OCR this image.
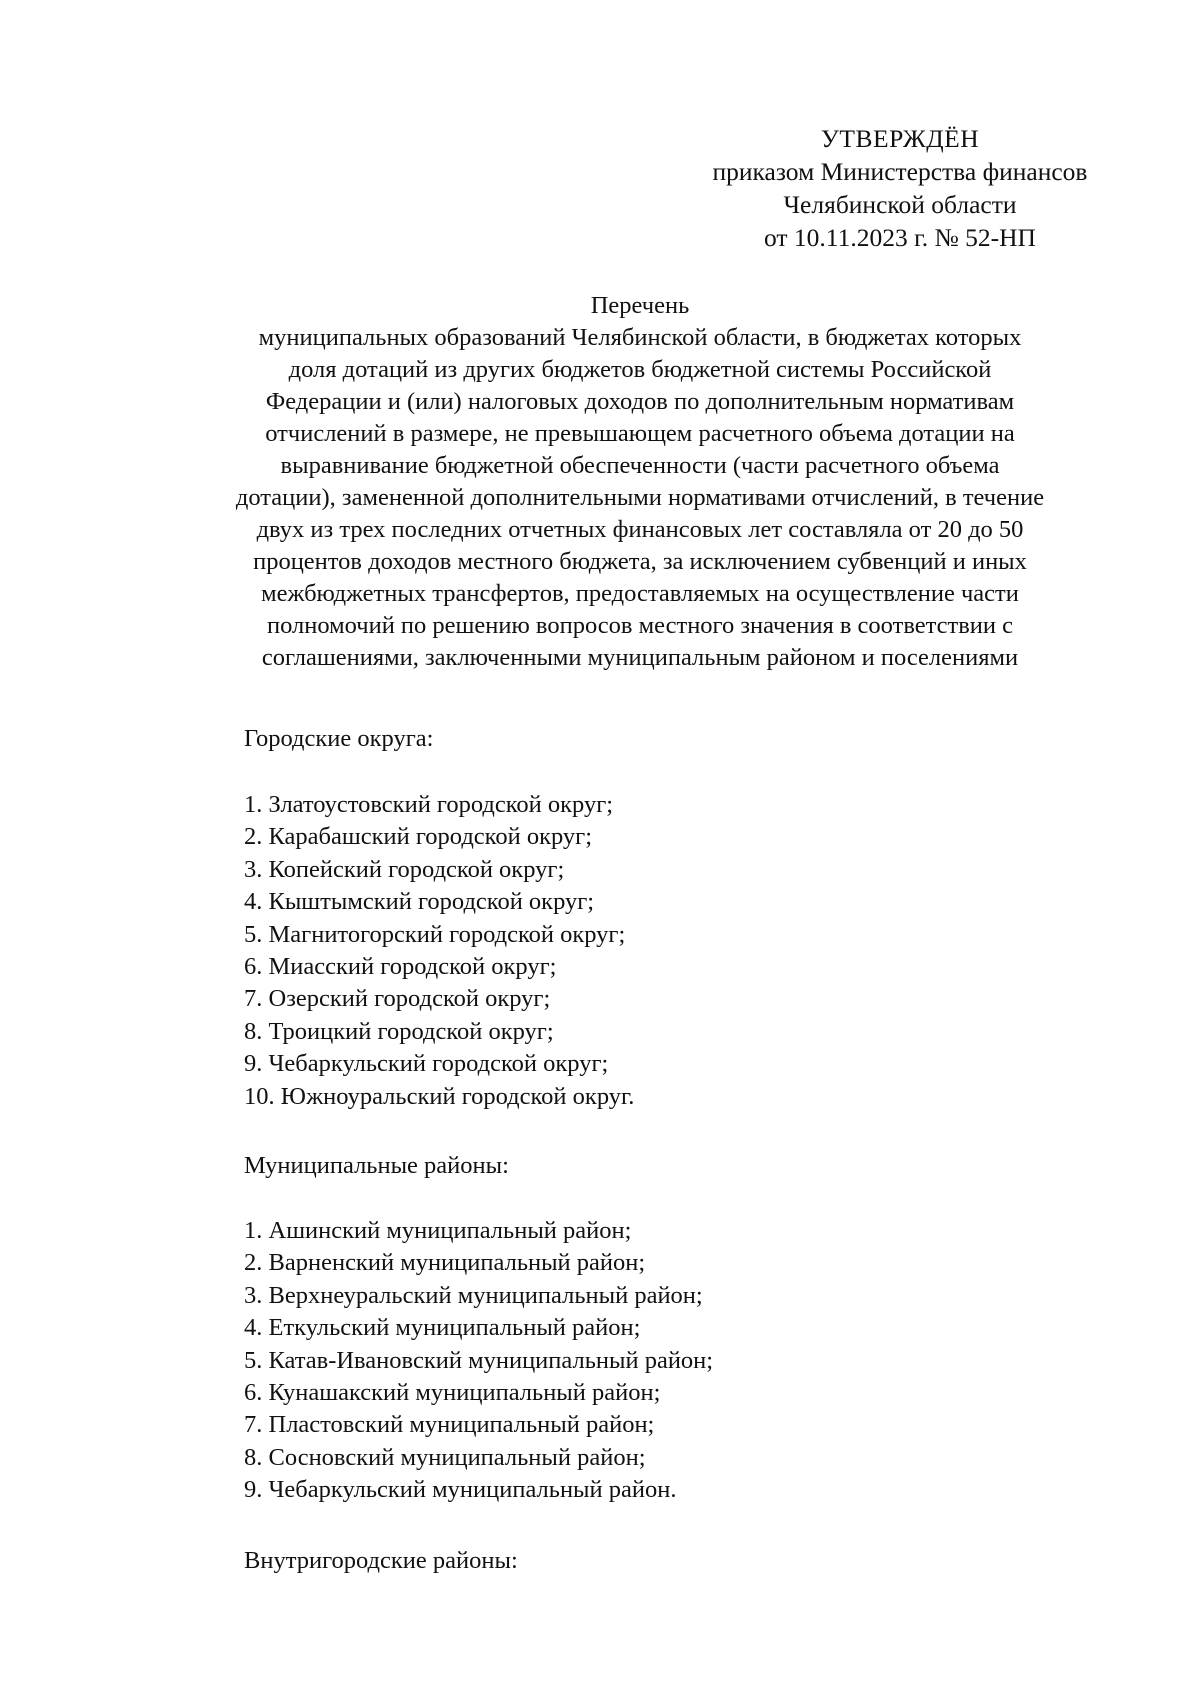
УТВЕРЖДЁН
приказом Министерства финансов
Челябинской области
от 10.11.2023 г. № 52-НП
Перечень
муниципальных образований Челябинской области, в бюджетах которых
доля дотаций из других бюджетов бюджетной системы Российской
Федерации и (или) налоговых доходов по дополнительным нормативам
отчислений в размере, не превышающем расчетного объема дотации на
выравнивание бюджетной обеспеченности (части расчетного объема
дотации), замененной дополнительными нормативами отчислений, в течение
двух из трех последних отчетных финансовых лет составляла от 20 до 50
процентов доходов местного бюджета, за исключением субвенций и иных
межбюджетных трансфертов, предоставляемых на осуществление части
полномочий по решению вопросов местного значения в соответствии с
соглашениями, заключенными муниципальным районом и поселениями
Городские округа:
1. Златоустовский городской округ;
2. Карабашский городской округ;
3. Копейский городской округ;
4. Кыштымский городской округ;
5. Магнитогорский городской округ;
6. Миасский городской округ;
7. Озерский городской округ;
8. Троицкий городской округ;
9. Чебаркульский городской округ;
10. Южноуральский городской округ.
Муниципальные районы:
1. Ашинский муниципальный район;
2. Варненский муниципальный район;
3. Верхнеуральский муниципальный район;
4. Еткульский муниципальный район;
5. Катав-Ивановский муниципальный район;
6. Кунашакский муниципальный район;
7. Пластовский муниципальный район;
8. Сосновский муниципальный район;
9. Чебаркульский муниципальный район.
Внутригородские районы:
